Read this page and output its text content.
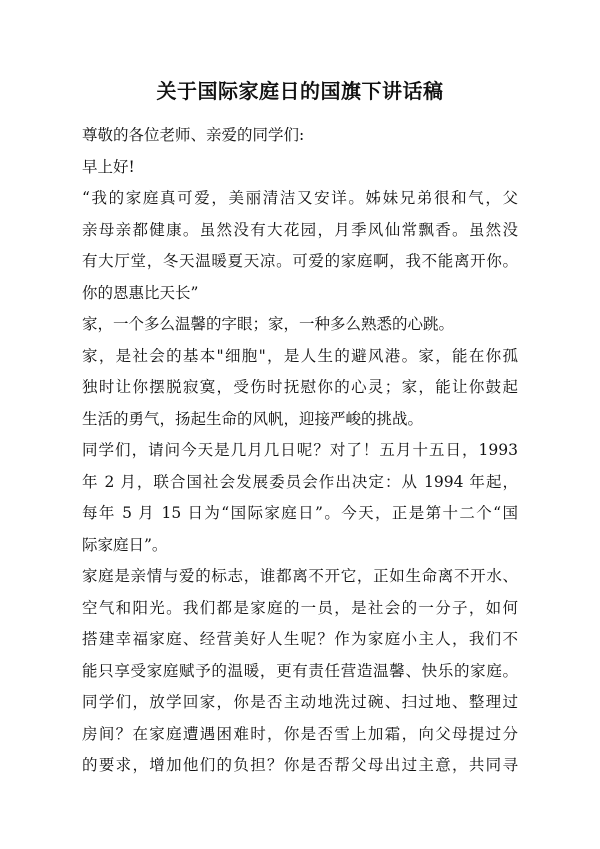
关于国际家庭日的国旗下讲话稿
尊敬的各位老师、亲爱的同学们:
早上好!
“我的家庭真可爱，美丽清洁又安详。姊妹兄弟很和气，父
亲母亲都健康。虽然没有大花园，月季风仙常飘香。虽然没
有大厅堂，冬天温暖夏天凉。可爱的家庭啊，我不能离开你。
你的恩惠比天长”
家，一个多么温馨的字眼；家，一种多么熟悉的心跳。
家，是社会的基本"细胞"，是人生的避风港。家，能在你孤
独时让你摆脱寂寞，受伤时抚慰你的心灵；家，能让你鼓起
生活的勇气，扬起生命的风帆，迎接严峻的挑战。
同学们，请问今天是几月几日呢？对了！五月十五日，1993
年 2 月，联合国社会发展委员会作出决定：从 1994 年起，
每年 5 月 15 日为“国际家庭日”。今天，正是第十二个“国
际家庭日”。
家庭是亲情与爱的标志，谁都离不开它，正如生命离不开水、
空气和阳光。我们都是家庭的一员，是社会的一分子，如何
搭建幸福家庭、经营美好人生呢？作为家庭小主人，我们不
能只享受家庭赋予的温暖，更有责任营造温馨、快乐的家庭。
同学们，放学回家，你是否主动地洗过碗、扫过地、整理过
房间？在家庭遭遇困难时，你是否雪上加霜，向父母提过分
的要求，增加他们的负担？你是否帮父母出过主意，共同寻
